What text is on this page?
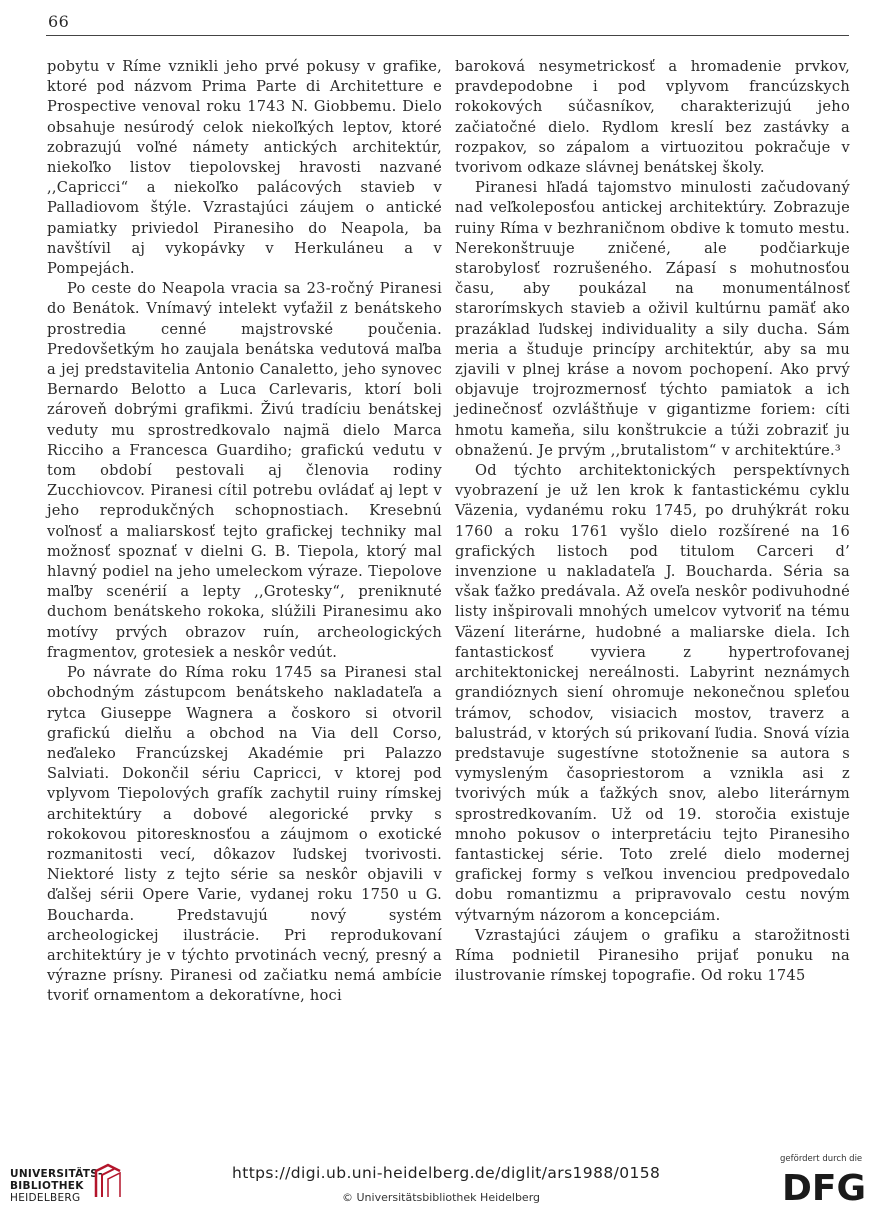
66

pobytu v Ríme vznikli jeho prvé pokusy v grafike, ktoré pod názvom Prima Parte di Architetture e Prospective venoval roku 1743 N. Giobbemu. Dielo obsahuje nesúrodý celok niekoľkých leptov, ktoré zobrazujú voľné námety antických architektúr, niekoľko listov tiepolovskej hravosti nazvané ,,Capricci“ a niekoľko palácových stavieb v Palladiovom štýle. Vzrastajúci záujem o antické pamiatky priviedol Piranesiho do Neapola, ba navštívil aj vykopávky v Herkuláneu a v Pompejách.

Po ceste do Neapola vracia sa 23-ročný Piranesi do Benátok. Vnímavý intelekt vyťažil z benátskeho prostredia cenné majstrovské poučenia. Predovšetkým ho zaujala benátska vedutová maľba a jej predstavitelia Antonio Canaletto, jeho synovec Bernardo Belotto a Luca Carlevaris, ktorí boli zároveň dobrými grafikmi. Živú tradíciu benátskej veduty mu sprostredkovalo najmä dielo Marca Ricciho a Francesca Guardiho; grafickú vedutu v tom období pestovali aj členovia rodiny Zucchiovcov. Piranesi cítil potrebu ovládať aj lept v jeho reprodukčných schopnostiach. Kresebnú voľnosť a maliarskosť tejto grafickej techniky mal možnosť spoznať v dielni G. B. Tiepola, ktorý mal hlavný podiel na jeho umeleckom výraze. Tiepolove maľby scenérií a lepty ,,Grotesky“, preniknuté duchom benátskeho rokoka, slúžili Piranesimu ako motívy prvých obrazov ruín, archeologických fragmentov, grotesiek a neskôr vedút.

Po návrate do Ríma roku 1745 sa Piranesi stal obchodným zástupcom benátskeho nakladateľa a rytca Giuseppe Wagnera a čoskoro si otvoril grafickú dielňu a obchod na Via dell Corso, neďaleko Francúzskej Akadémie pri Palazzo Salviati. Dokončil sériu Capricci, v ktorej pod vplyvom Tiepolových grafík zachytil ruiny rímskej architektúry a dobové alegorické prvky s rokokovou pitoresknosťou a záujmom o exotické rozmanitosti vecí, dôkazov ľudskej tvorivosti. Niektoré listy z tejto série sa neskôr objavili v ďalšej sérii Opere Varie, vydanej roku 1750 u G. Boucharda. Predstavujú nový systém archeologickej ilustrácie. Pri reprodukovaní architektúry je v týchto prvotinách vecný, presný a výrazne prísny. Piranesi od začiatku nemá ambície tvoriť ornamentom a dekoratívne, hoci

baroková nesymetrickosť a hromadenie prvkov, pravdepodobne i pod vplyvom francúzskych rokokových súčasníkov, charakterizujú jeho začiatočné dielo. Rydlom kreslí bez zastávky a rozpakov, so zápalom a virtuozitou pokračuje v tvorivom odkaze slávnej benátskej školy.

Piranesi hľadá tajomstvo minulosti začudovaný nad veľkoleposťou antickej architektúry. Zobrazuje ruiny Ríma v bezhraničnom obdive k tomuto mestu. Nerekonštruuje zničené, ale podčiarkuje starobylosť rozrušeného. Zápasí s mohutnosťou času, aby poukázal na monumentálnosť starorímskych stavieb a oživil kultúrnu pamäť ako prazáklad ľudskej individuality a sily ducha. Sám meria a študuje princípy architektúr, aby sa mu zjavili v plnej kráse a novom pochopení. Ako prvý objavuje trojrozmernosť týchto pamiatok a ich jedinečnosť ozvláštňuje v gigantizme foriem: cíti hmotu kameňa, silu konštrukcie a túži zobraziť ju obnaženú. Je prvým ,,brutalistom“ v architektúre.³

Od týchto architektonických perspektívnych vyobrazení je už len krok k fantastickému cyklu Väzenia, vydanému roku 1745, po druhýkrát roku 1760 a roku 1761 vyšlo dielo rozšírené na 16 grafických listoch pod titulom Carceri d’ invenzione u nakladateľa J. Boucharda. Séria sa však ťažko predávala. Až oveľa neskôr podivuhodné listy inšpirovali mnohých umelcov vytvoriť na tému Väzení literárne, hudobné a maliarske diela. Ich fantastickosť vyviera z hypertrofovanej architektonickej nereálnosti. Labyrint neznámych grandióznych siení ohromuje nekonečnou spleťou trámov, schodov, visiacich mostov, traverz a balustrád, v ktorých sú prikovaní ľudia. Snová vízia predstavuje sugestívne stotožnenie sa autora s vymysleným časopriestorom a vznikla asi z tvorivých múk a ťažkých snov, alebo literárnym sprostredkovaním. Už od 19. storočia existuje mnoho pokusov o interpretáciu tejto Piranesiho fantastickej série. Toto zrelé dielo modernej grafickej formy s veľkou invenciou predpovedalo dobu romantizmu a pripravovalo cestu novým výtvarným názorom a koncepciám.

Vzrastajúci záujem o grafiku a starožitnosti Ríma podnietil Piranesiho prijať ponuku na ilustrovanie rímskej topografie. Od roku 1745

UNIVERSITÄTS-
BIBLIOTHEK
HEIDELBERG
https://digi.ub.uni-heidelberg.de/diglit/ars1988/0158
© Universitätsbibliothek Heidelberg
gefördert durch die
DFG
